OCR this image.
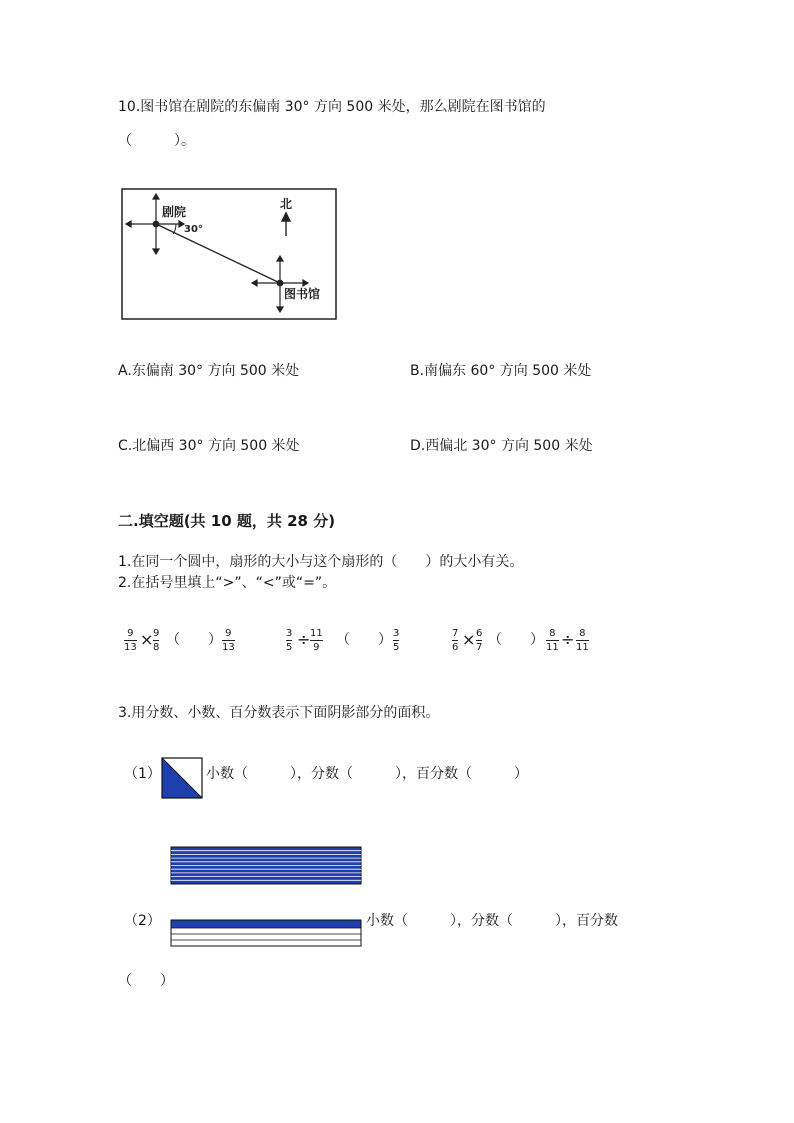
10.图书馆在剧院的东偏南 30° 方向 500 米处，那么剧院在图书馆的
（　　　）。
剧院
30°
北
图书馆
A.东偏南 30° 方向 500 米处	B.南偏东 60° 方向 500 米处
C.北偏西 30° 方向 500 米处	D.西偏北 30° 方向 500 米处
二.填空题(共 10 题，共 28 分)
1.在同一个圆中，扇形的大小与这个扇形的（　　）的大小有关。
2.在括号里填上“>”、“<”或“=”。
9
13 × 9
8 （　　） 9
13
3
5 ÷ 11
9 （　　） 3
5
7
6 × 6
7 （　　） 8
11 ÷ 8
11
3.用分数、小数、百分数表示下面阴影部分的面积。
（1）	小数（　　　），分数（　　　），百分数（　　　）
（2）	小数（　　　），分数（　　　），百分数
（　　）
